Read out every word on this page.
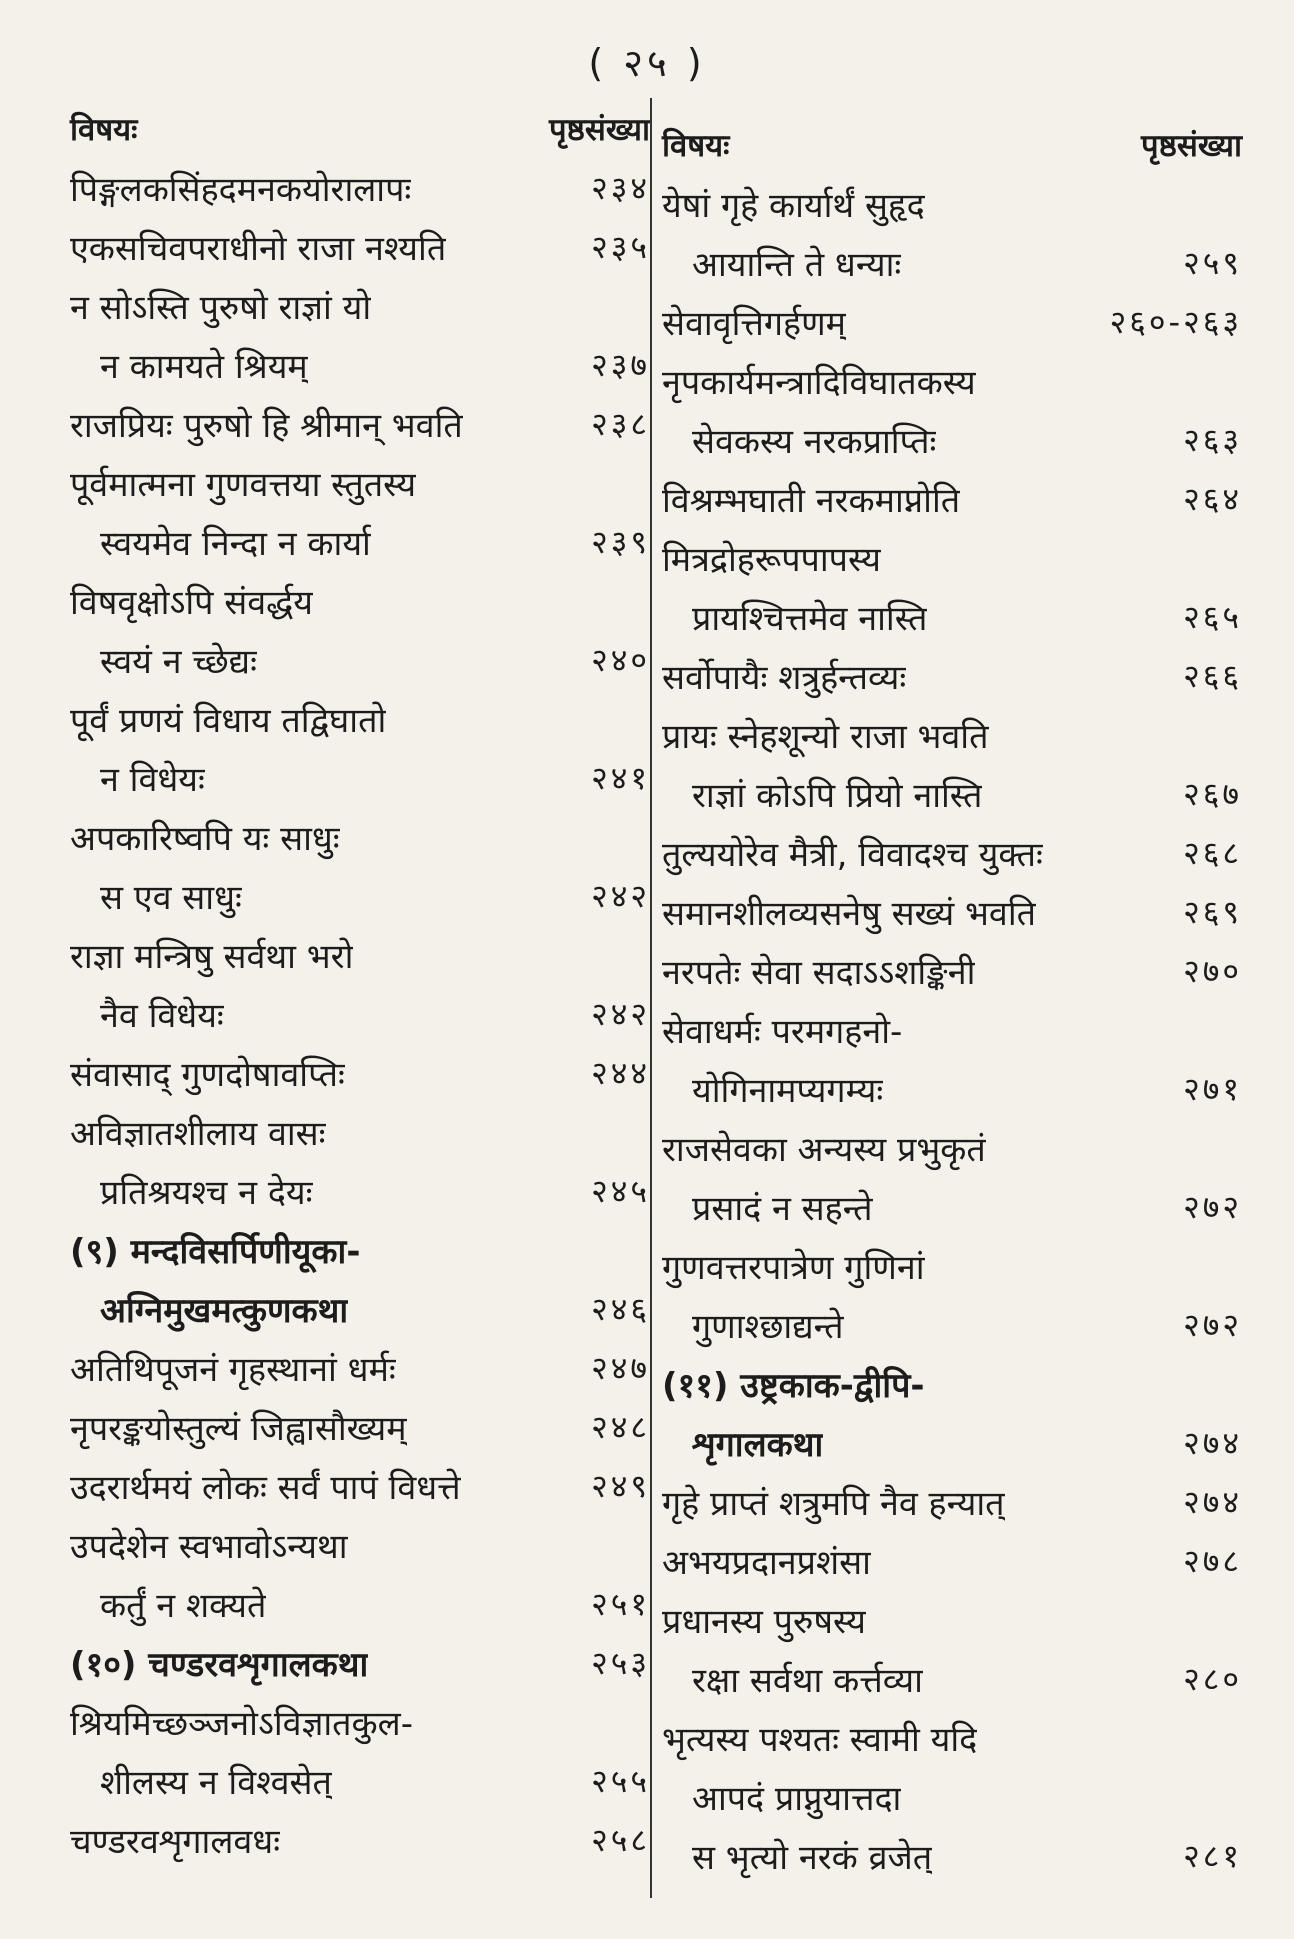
( २५ )
विषयः	पृष्ठसंख्या
पिङ्गलकसिंहदमनकयोरालापः	२३४
एकसचिवपराधीनो राजा नश्यति	२३५
न सोऽस्ति पुरुषो राज्ञां यो
न कामयते श्रियम्	२३७
राजप्रियः पुरुषो हि श्रीमान् भवति	२३८
पूर्वमात्मना गुणवत्तया स्तुतस्य
स्वयमेव निन्दा न कार्या	२३९
विषवृक्षोऽपि संवर्द्धय
स्वयं न च्छेद्यः	२४०
पूर्वं प्रणयं विधाय तद्विघातो
न विधेयः	२४१
अपकारिष्वपि यः साधुः
स एव साधुः	२४२
राज्ञा मन्त्रिषु सर्वथा भरो
नैव विधेयः	२४२
संवासाद् गुणदोषावप्तिः	२४४
अविज्ञातशीलाय वासः
प्रतिश्रयश्च न देयः	२४५
(९) मन्दविसर्पिणीयूका-
अग्निमुखमत्कुणकथा	२४६
अतिथिपूजनं गृहस्थानां धर्मः	२४७
नृपरङ्कयोस्तुल्यं जिह्वासौख्यम्	२४८
उदरार्थमयं लोकः सर्वं पापं विधत्ते	२४९
उपदेशेन स्वभावोऽन्यथा
कर्तुं न शक्यते	२५१
(१०) चण्डरवशृगालकथा	२५३
श्रियमिच्छञ्जनोऽविज्ञातकुल-
शीलस्य न विश्वसेत्	२५५
चण्डरवशृगालवधः	२५८
विषयः	पृष्ठसंख्या
येषां गृहे कार्यार्थं सुहृद
आयान्ति ते धन्याः	२५९
सेवावृत्तिगर्हणम्	२६०-२६३
नृपकार्यमन्त्रादिविघातकस्य
सेवकस्य नरकप्राप्तिः	२६३
विश्रम्भघाती नरकमाप्नोति	२६४
मित्रद्रोहरूपपापस्य
प्रायश्चित्तमेव नास्ति	२६५
सर्वोपायैः शत्रुर्हन्तव्यः	२६६
प्रायः स्नेहशून्यो राजा भवति
राज्ञां कोऽपि प्रियो नास्ति	२६७
तुल्ययोरेव मैत्री, विवादश्च युक्तः	२६८
समानशीलव्यसनेषु सख्यं भवति	२६९
नरपतेः सेवा सदाऽऽशङ्किनी	२७०
सेवाधर्मः परमगहनो-
योगिनामप्यगम्यः	२७१
राजसेवका अन्यस्य प्रभुकृतं
प्रसादं न सहन्ते	२७२
गुणवत्तरपात्रेण गुणिनां
गुणाश्छाद्यन्ते	२७२
(११) उष्ट्रकाक-द्वीपि-
शृगालकथा	२७४
गृहे प्राप्तं शत्रुमपि नैव हन्यात्	२७४
अभयप्रदानप्रशंसा	२७८
प्रधानस्य पुरुषस्य
रक्षा सर्वथा कर्त्तव्या	२८०
भृत्यस्य पश्यतः स्वामी यदि
आपदं प्राप्नुयात्तदा
स भृत्यो नरकं व्रजेत्	२८१
